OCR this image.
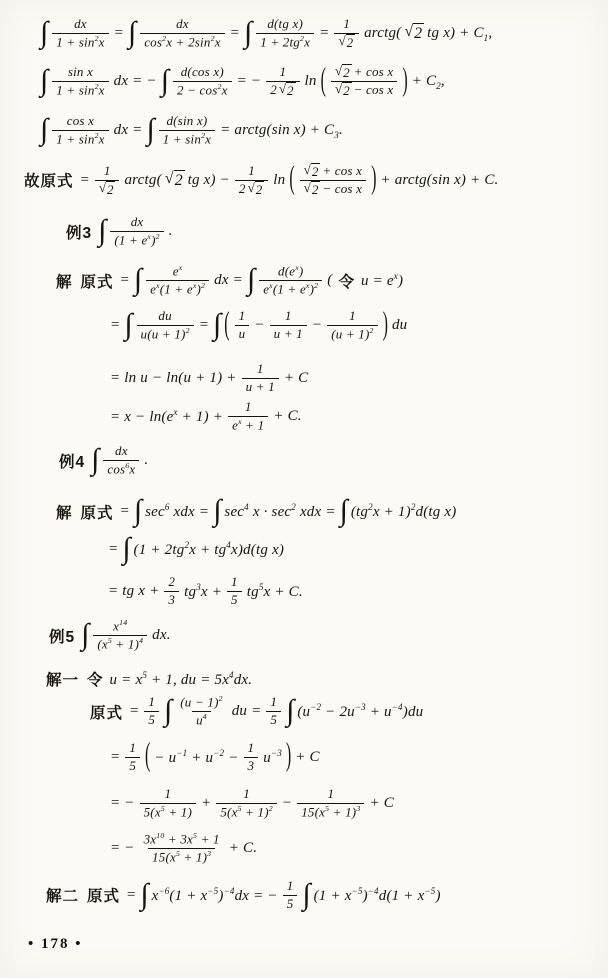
∫ $\frac{dx}{1 + \sin^2x}$ = ∫ $\frac{dx}{\cos^2x + 2\sin^2x}$ = ∫ $\frac{\text{d(tg x)}}{1 + 2tg^2x} = \frac{1}{√ 2}$ arctg( √ 2 tg $x) + C_1$,
∫ $\frac{\text{sin x}}{1 + \sin^2x}$ dx = − ∫ $\frac{\text{d(cos x)}}{2 - \cos^2x}$ = − $\frac{1}{2 √ 2}$ ln ( $\frac{\text{√ 2 + cos x}}{\text{√ 2 − cos x}}$ ) + $C_2$,
∫ $\frac{\text{cos x}}{1 + \sin^2x}$ dx = ∫ $\frac{\text{d(sin x)}}{1 + \sin^2x}$ = arctg(sin $x) + C_3$.
故原式 = $\frac{1}{√ 2}$ arctg( √ 2 tg $x) - \frac{1}{2 √ 2}$ ln ( $\frac{\text{√ 2 + cos x}}{\text{√ 2 − cos x}}$ ) + arctg(sin x) + C.
例3 ∫ $\frac{dx}{(1 + e^x)^2}$ .
解 原式 = ∫ $\frac{e^x}{e^x(1 + e^x)^2}$ dx = ∫ $\frac{d(e^x)}{e^x(1 + e^x)^2}$ ( 令 $u = e^x$)
= ∫ $\frac{du}{u(u + 1)^2}$ = ∫ ( $\frac{1}{u} - \frac{1}{u + 1} - \frac{1}{(u + 1)^2}$ ) du
= $\ln u - \ln(u + 1) + \frac{1}{u + 1} + C$
= $x - \ln(e^x + 1) + \frac{1}{e^x + 1} + C$.
例4 ∫ $\frac{dx}{\cos^6x}$ .
解 原式 = ∫ $\sec^6$ xdx = ∫ $\sec^4 x \cdot \sec^2$ xdx = ∫ $(tg^2x + 1)^2d(tg$ x)
= ∫ $(1 + 2tg^2x + tg^4x)d(tg$ x)
= tg $x + \frac{2}{3} tg^3x + \frac{1}{5} tg^5x + C$.
例5 ∫ $\frac{x^{14}}{(x^5 + 1)^4}$ dx.
解一 令 $u = x^5 + 1$, du = $5x^4dx$.
原式 = $\frac{1}{5}$ ∫ $\frac{(u - 1)^2}{u^4}$ du = $\frac{1}{5}$ ∫ $(u^{-2} - 2u^{-3} + u^{-4})du$
= $\frac{1}{5}$ ( − $u^{-1} + u^{-2} - \frac{1}{3} u^{-3}$ ) + C
= − $\frac{1}{5(x^5 + 1)} + \frac{1}{5(x^5 + 1)^2} - \frac{1}{15(x^5 + 1)^3} + C$
= − $\frac{3x^{10} + 3x^5 + 1}{15(x^5 + 1)^3} + C$.
解二 原式 = ∫ $x^{-6}(1 + x^{-5})^{-4}dx$ = − $\frac{1}{5}$ ∫ $(1 + x^{-5})^{-4}d(1 + x^{-5})$
• 178 •
